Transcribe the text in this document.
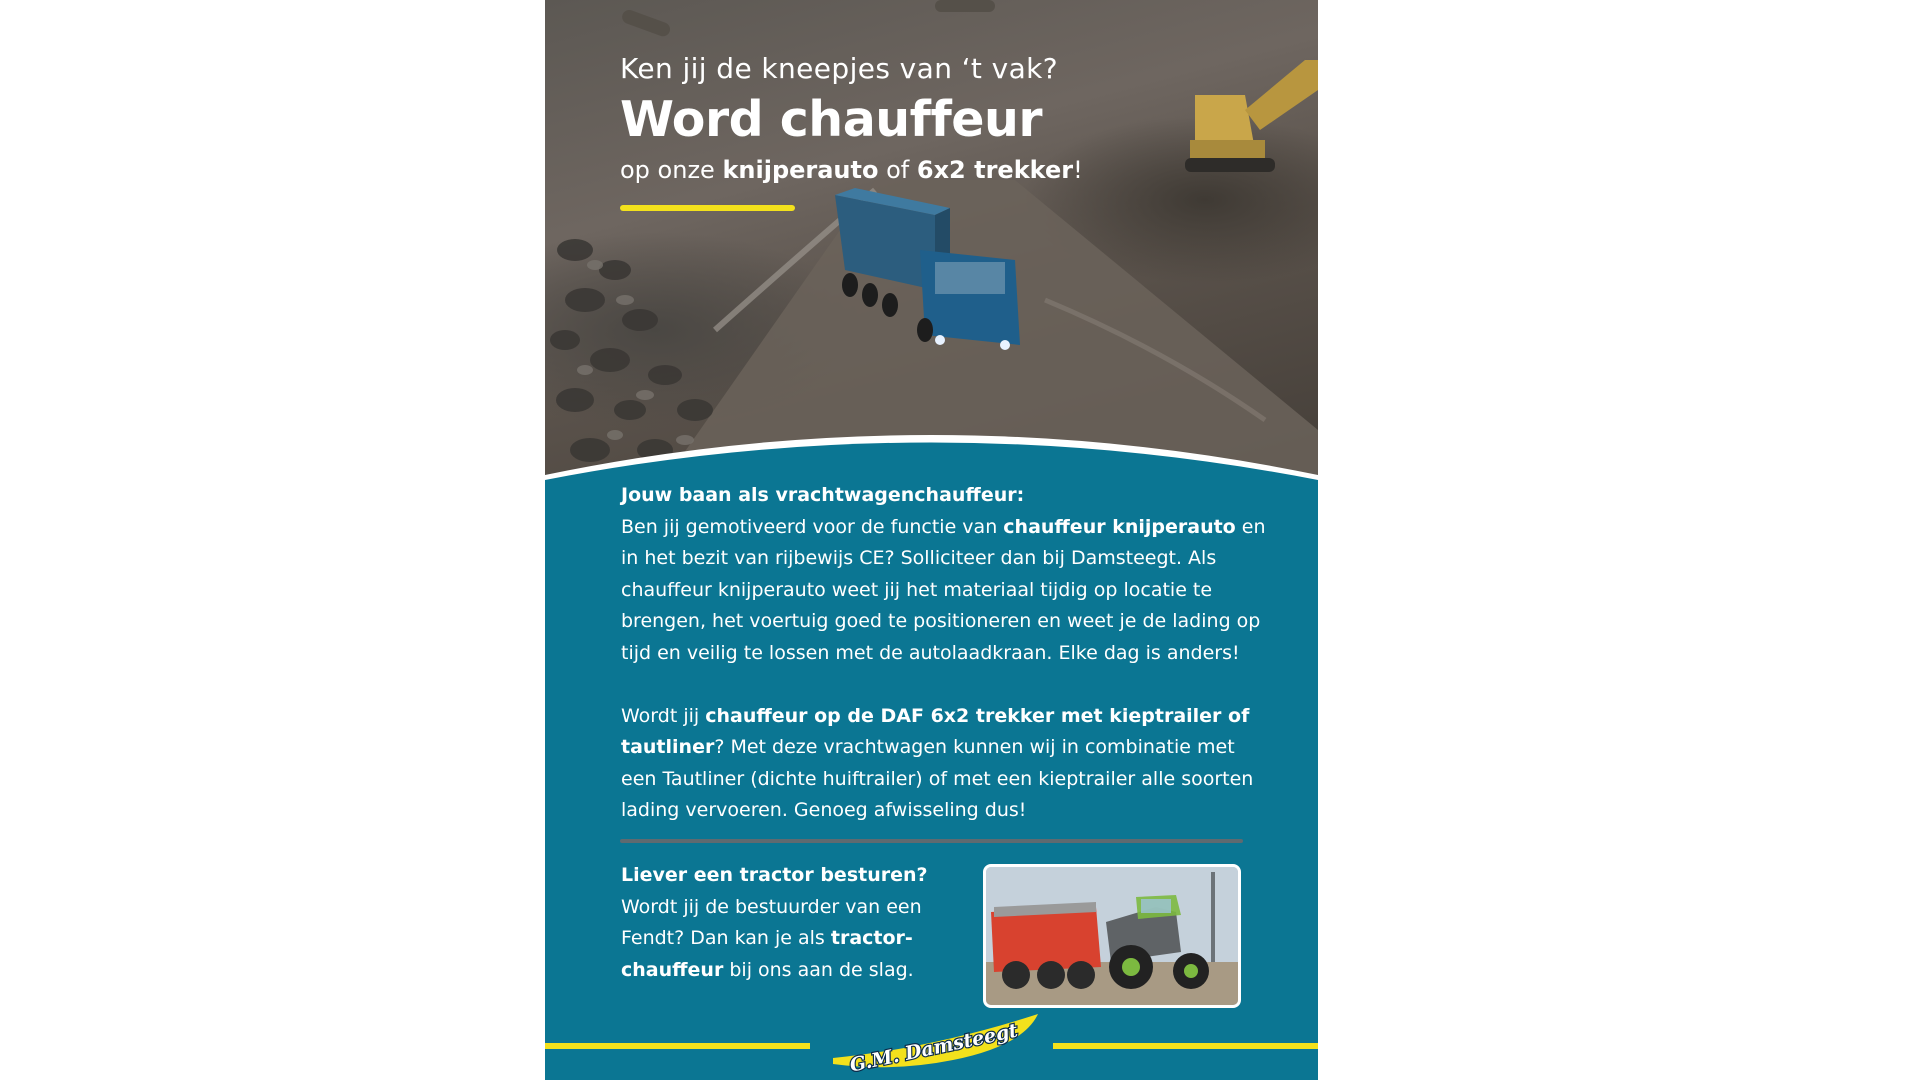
Ken jij de kneepjes van ‘t vak?

Word chauffeur

op onze knijperauto of 6x2 trekker!

Jouw baan als vrachtwagenchauffeur:

Ben jij gemotiveerd voor de functie van chauffeur knijperauto en in het bezit van rijbewijs CE? Solliciteer dan bij Damsteegt. Als chauffeur knijperauto weet jij het materiaal tijdig op locatie te brengen, het voertuig goed te positioneren en weet je de lading op tijd en veilig te lossen met de autolaadkraan. Elke dag is anders!

Wordt jij chauffeur op de DAF 6x2 trekker met kieptrailer of tautliner? Met deze vrachtwagen kunnen wij in combinatie met een Tautliner (dichte huiftrailer) of met een kieptrailer alle soorten lading vervoeren. Genoeg afwisseling dus!

Liever een tractor besturen?

Wordt jij de bestuurder van een Fendt? Dan kan je als tractor-chauffeur bij ons aan de slag.

G.M. Damsteegt
